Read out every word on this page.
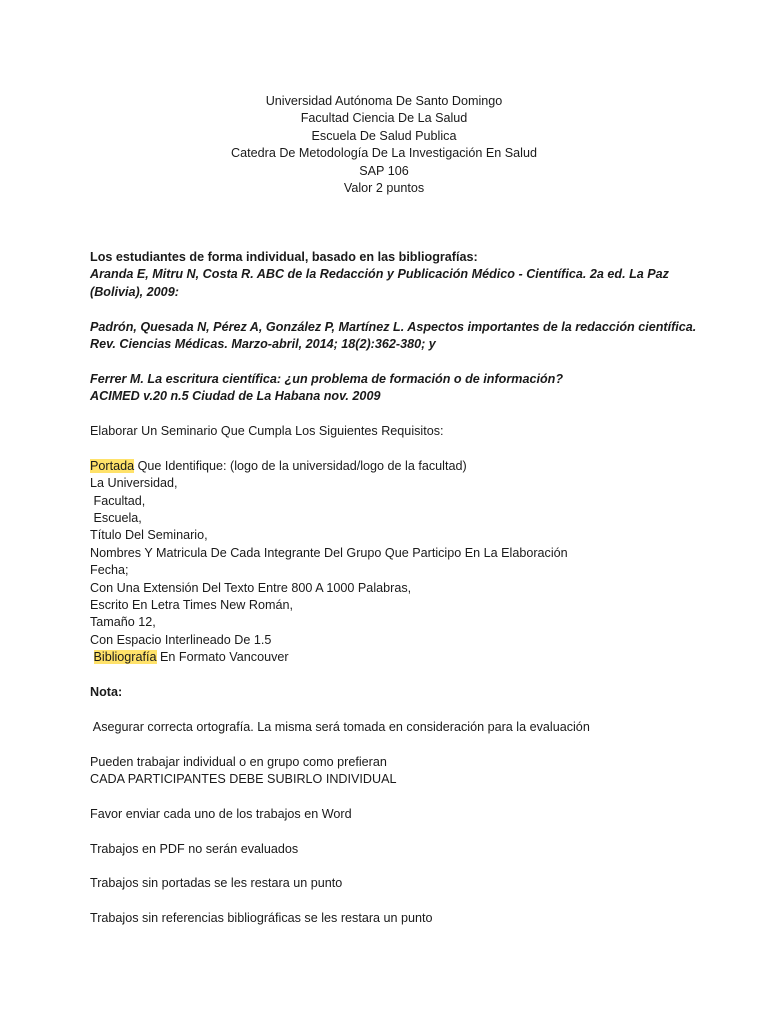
Universidad Autónoma De Santo Domingo
Facultad Ciencia De La Salud
Escuela De Salud Publica
Catedra De Metodología De La Investigación En Salud
SAP 106
Valor 2 puntos
Los estudiantes de forma individual, basado en las bibliografías:
Aranda E, Mitru N, Costa R. ABC de la Redacción y Publicación Médico - Científica. 2a ed. La Paz
(Bolivia), 2009:
Padrón, Quesada N, Pérez A, González P, Martínez L. Aspectos importantes de la redacción científica.
Rev. Ciencias Médicas. Marzo-abril, 2014; 18(2):362-380; y
Ferrer M. La escritura científica: ¿un problema de formación o de información?
ACIMED v.20 n.5 Ciudad de La Habana nov. 2009
Elaborar Un Seminario Que Cumpla Los Siguientes Requisitos:
Portada Que Identifique: (logo de la universidad/logo de la facultad)
La Universidad,
Facultad,
Escuela,
Título Del Seminario,
Nombres Y Matricula De Cada Integrante Del Grupo Que Participo En La Elaboración
Fecha;
Con Una Extensión Del Texto Entre 800 A 1000 Palabras,
Escrito En Letra Times New Román,
Tamaño 12,
Con Espacio Interlineado De 1.5
Bibliografía En Formato Vancouver
Nota:
Asegurar correcta ortografía. La misma será tomada en consideración para la evaluación
Pueden trabajar individual o en grupo como prefieran
CADA PARTICIPANTES DEBE SUBIRLO INDIVIDUAL
Favor enviar cada uno de los trabajos en Word
Trabajos en PDF no serán evaluados
Trabajos sin portadas se les restara un punto
Trabajos sin referencias bibliográficas se les restara un punto
